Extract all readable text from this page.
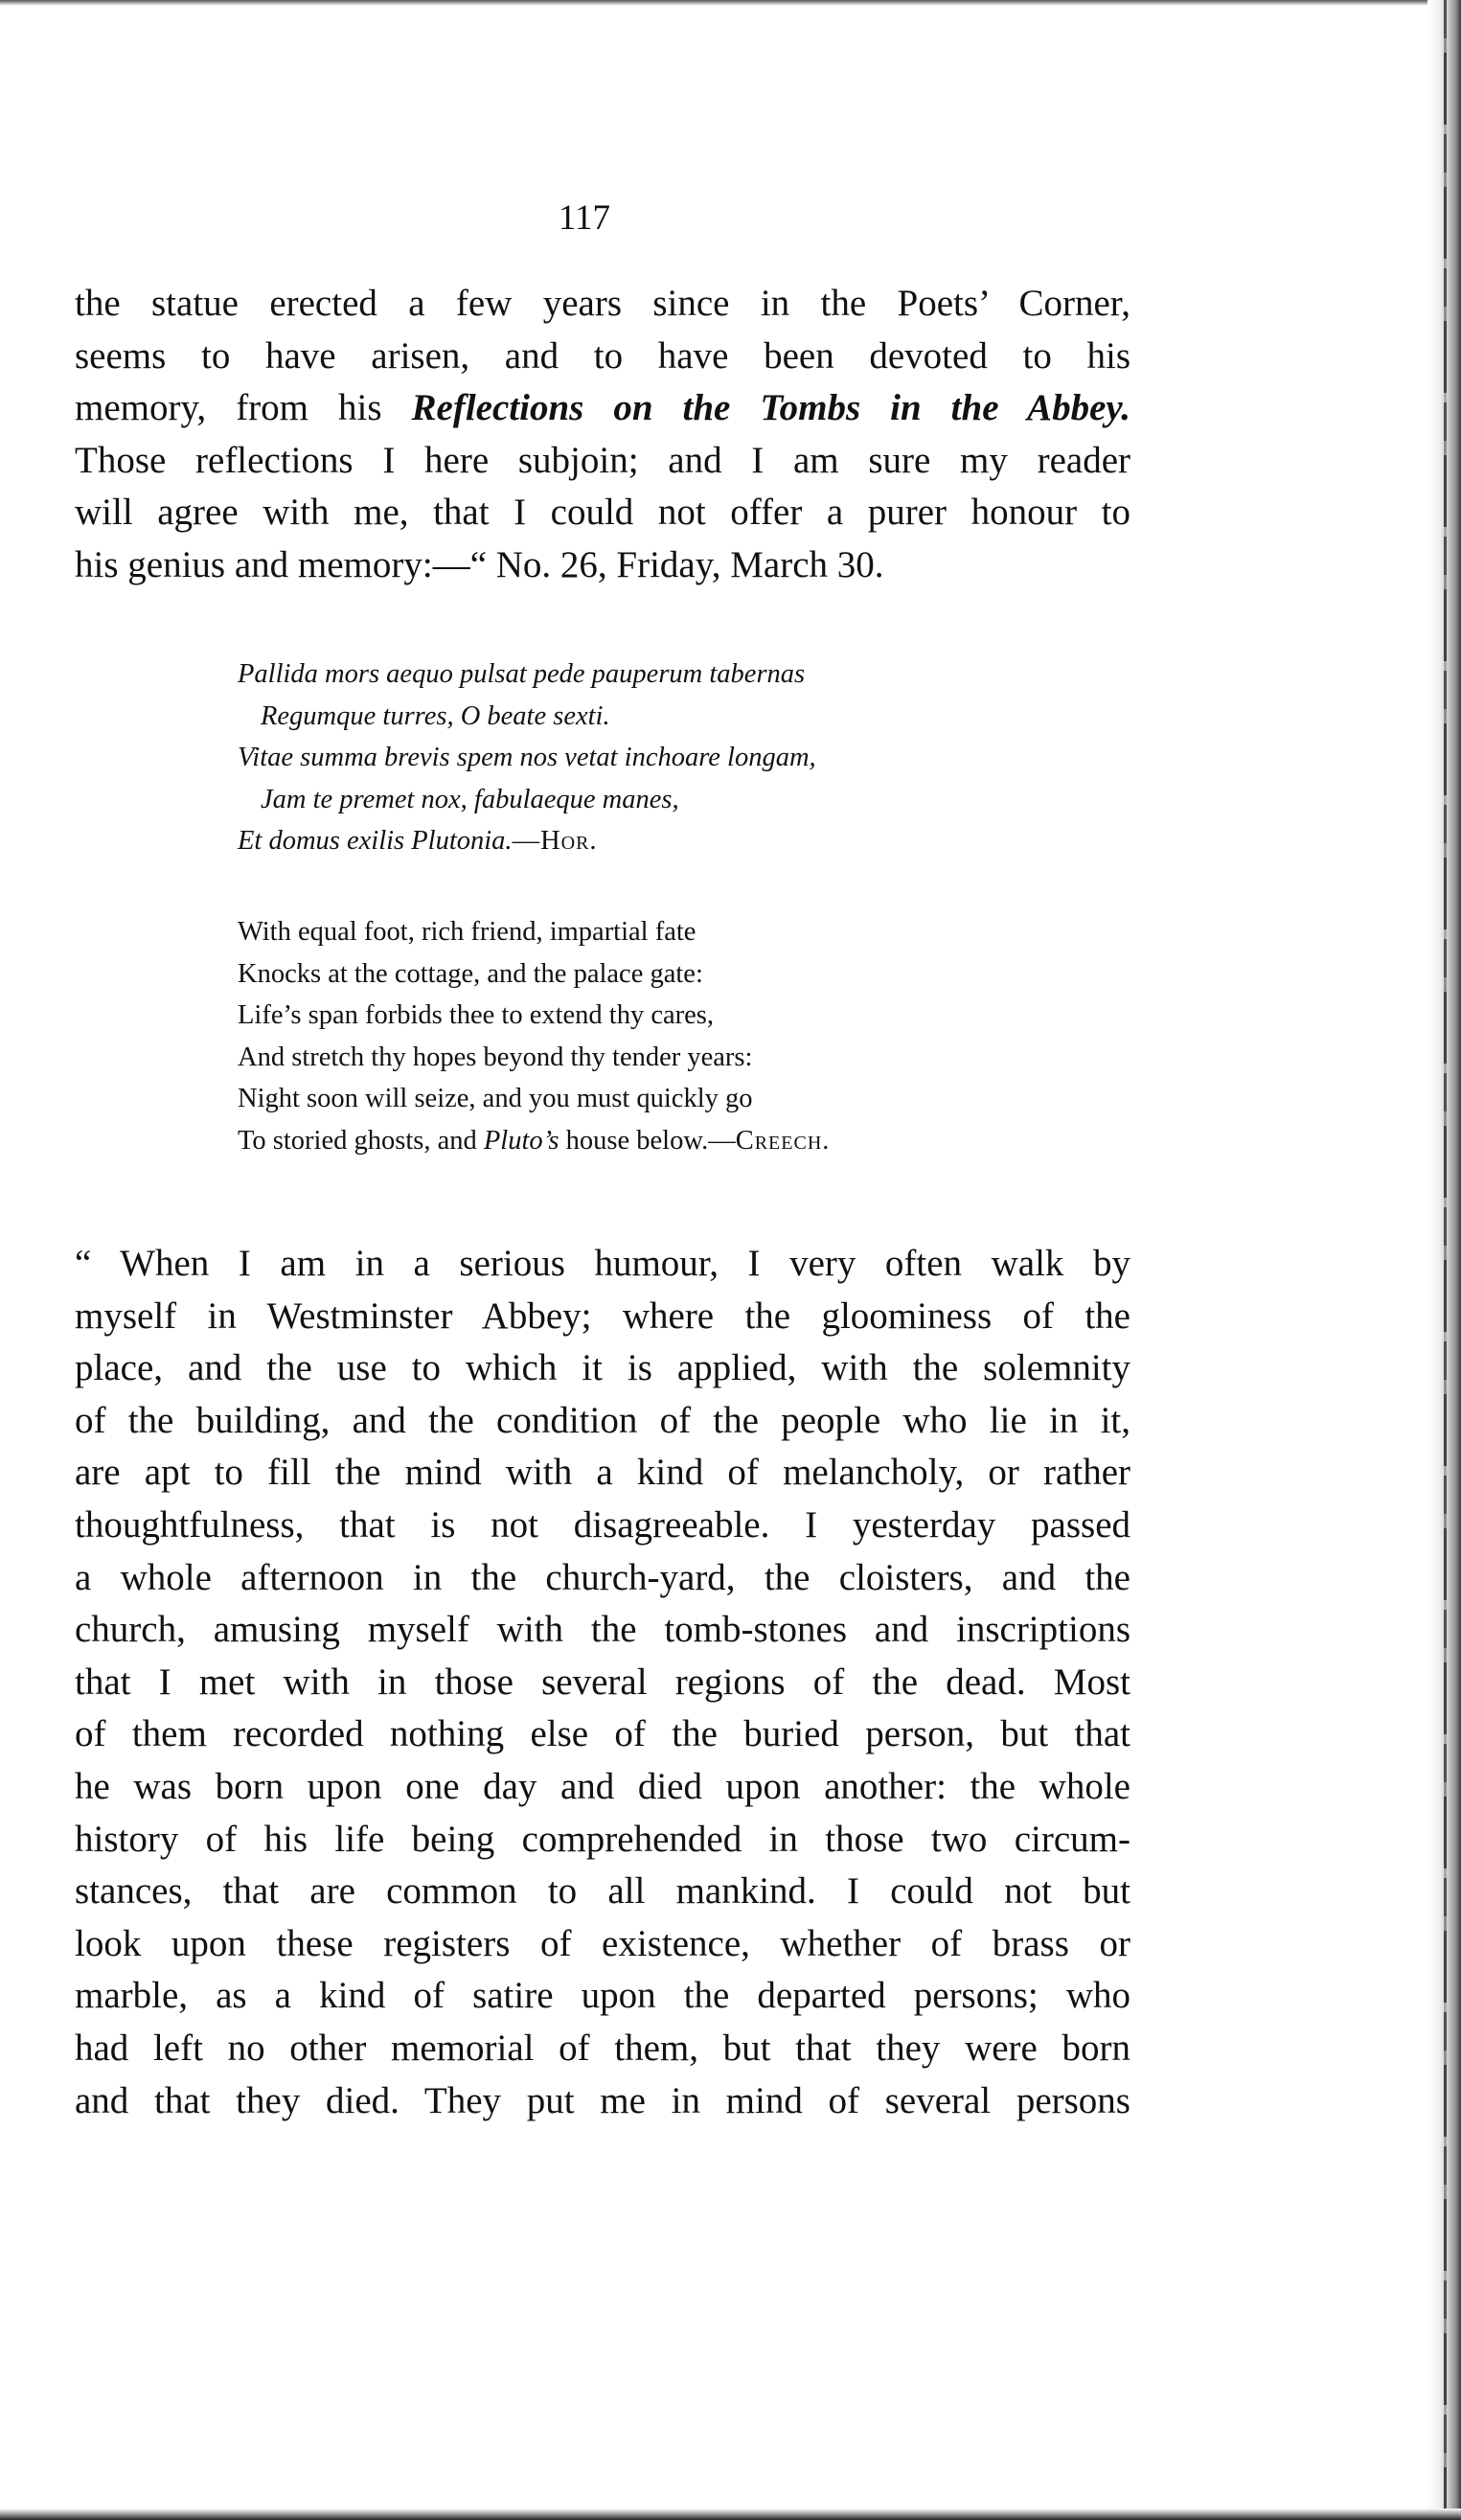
117

the statue erected a few years since in the Poets’ Corner,
seems to have arisen, and to have been devoted to his
memory, from his Reflections on the Tombs in the Abbey.
Those reflections I here subjoin; and I am sure my reader
will agree with me, that I could not offer a purer honour to
his genius and memory:—“ No. 26, Friday, March 30.

Pallida mors aequo pulsat pede pauperum tabernas
Regumque turres, O beate sexti.
Vitae summa brevis spem nos vetat inchoare longam,
Jam te premet nox, fabulaeque manes,
Et domus exilis Plutonia.—Hor.
With equal foot, rich friend, impartial fate
Knocks at the cottage, and the palace gate:
Life’s span forbids thee to extend thy cares,
And stretch thy hopes beyond thy tender years:
Night soon will seize, and you must quickly go
To storied ghosts, and Pluto’s house below.—Creech.

“ When I am in a serious humour, I very often walk by
myself in Westminster Abbey; where the gloominess of the
place, and the use to which it is applied, with the solemnity
of the building, and the condition of the people who lie in it,
are apt to fill the mind with a kind of melancholy, or rather
thoughtfulness, that is not disagreeable. I yesterday passed
a whole afternoon in the church-yard, the cloisters, and the
church, amusing myself with the tomb-stones and inscriptions
that I met with in those several regions of the dead. Most
of them recorded nothing else of the buried person, but that
he was born upon one day and died upon another: the whole
history of his life being comprehended in those two circum-
stances, that are common to all mankind. I could not but
look upon these registers of existence, whether of brass or
marble, as a kind of satire upon the departed persons; who
had left no other memorial of them, but that they were born
and that they died. They put me in mind of several persons
